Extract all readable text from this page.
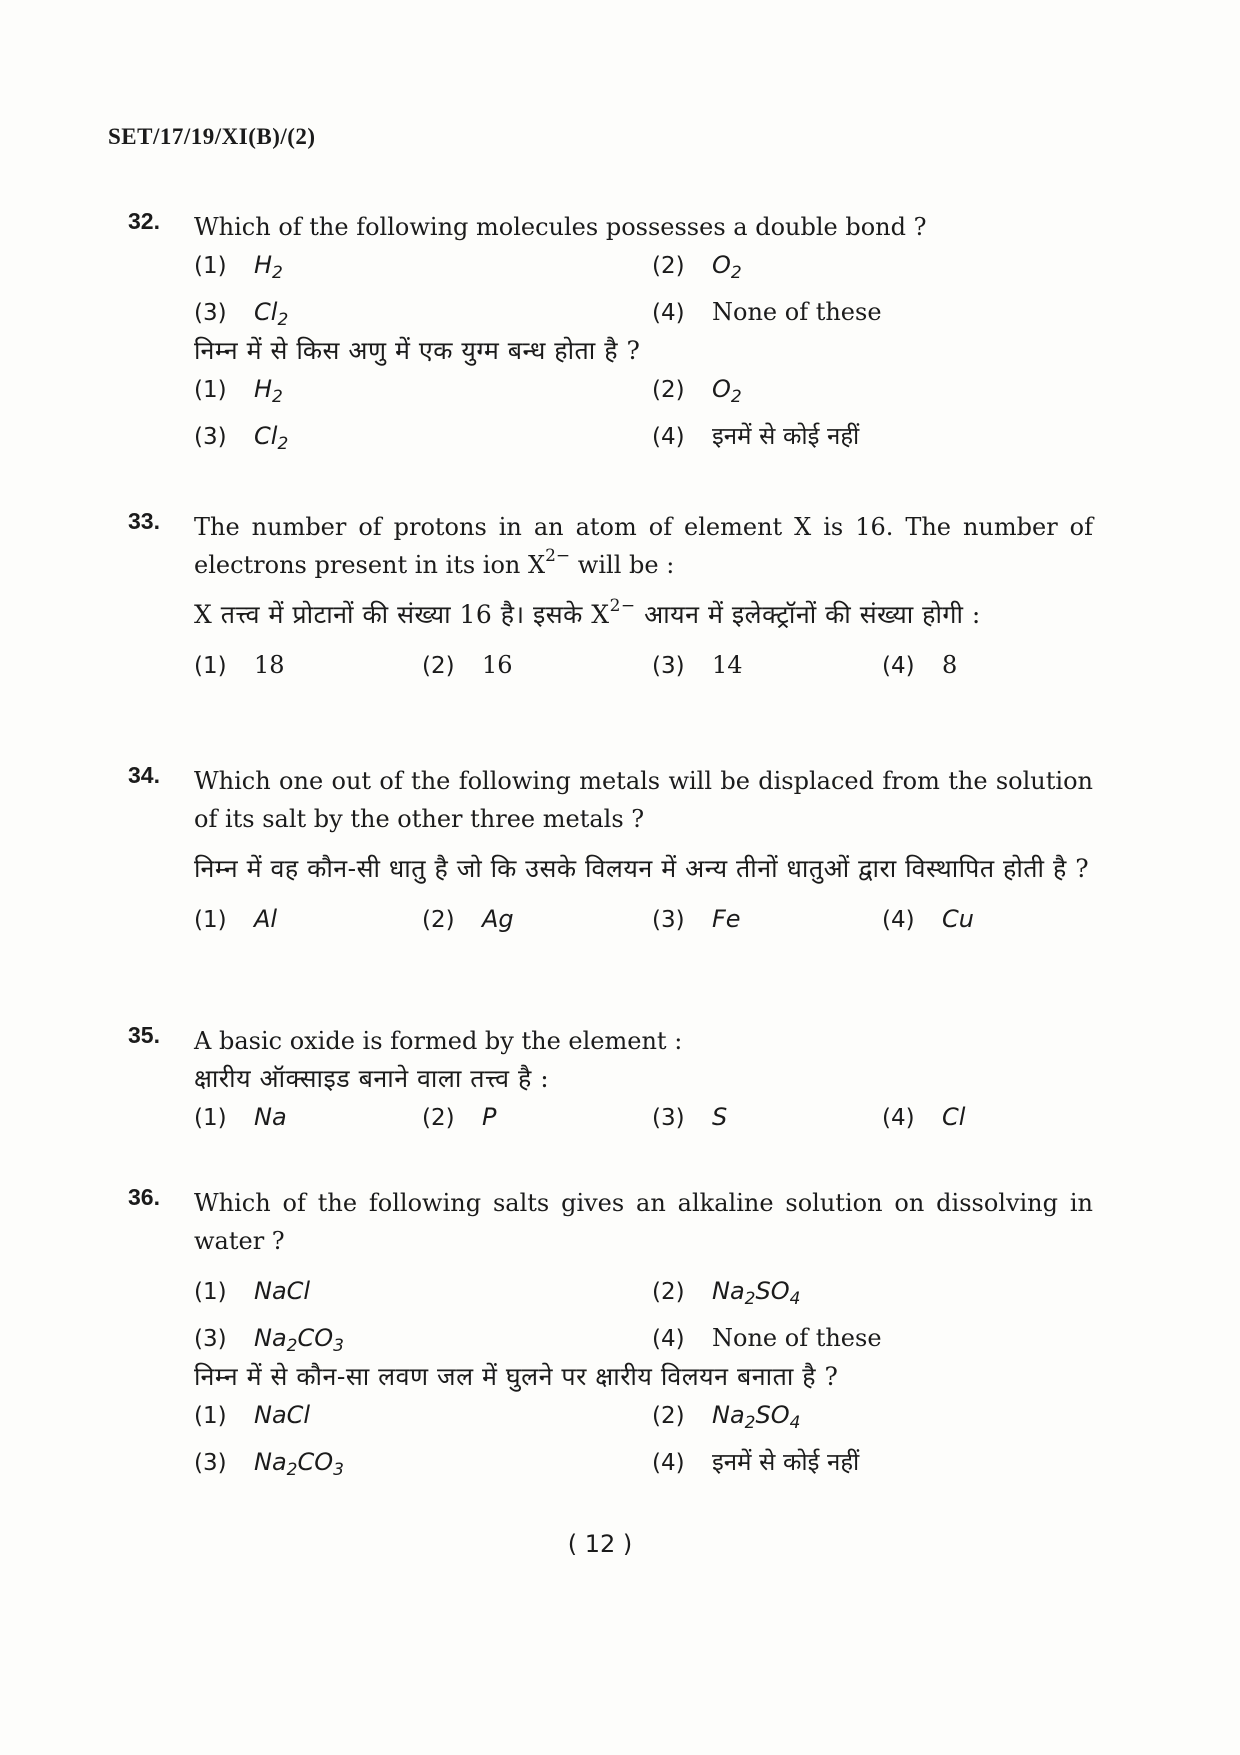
SET/17/19/XI(B)/(2)
32. Which of the following molecules possesses a double bond ?
(1) $H_2$	(2) $O_2$
(3) $Cl_2$	(4) None of these
निम्न में से किस अणु में एक युग्म बन्ध होता है ?
(1) $H_2$	(2) $O_2$
(3) $Cl_2$	(4) इनमें से कोई नहीं
33. The number of protons in an atom of element X is 16. The number of electrons present in its ion $X^{2-}$ will be :
X तत्त्व में प्रोटानों की संख्या 16 है। इसके $X^{2-}$ आयन में इलेक्ट्रॉनों की संख्या होगी :
(1) 18	(2) 16	(3) 14	(4) 8
34. Which one out of the following metals will be displaced from the solution of its salt by the other three metals ?
निम्न में वह कौन-सी धातु है जो कि उसके विलयन में अन्य तीनों धातुओं द्वारा विस्थापित होती है ?
(1) Al	(2) Ag	(3) Fe	(4) Cu
35. A basic oxide is formed by the element :
क्षारीय ऑक्साइड बनाने वाला तत्त्व है :
(1) Na	(2) P	(3) S	(4) Cl
36. Which of the following salts gives an alkaline solution on dissolving in water ?
(1) NaCl	(2) $Na_2SO_4$
(3) $Na_2CO_3$	(4) None of these
निम्न में से कौन-सा लवण जल में घुलने पर क्षारीय विलयन बनाता है ?
(1) NaCl	(2) $Na_2SO_4$
(3) $Na_2CO_3$	(4) इनमें से कोई नहीं
( 12 )
